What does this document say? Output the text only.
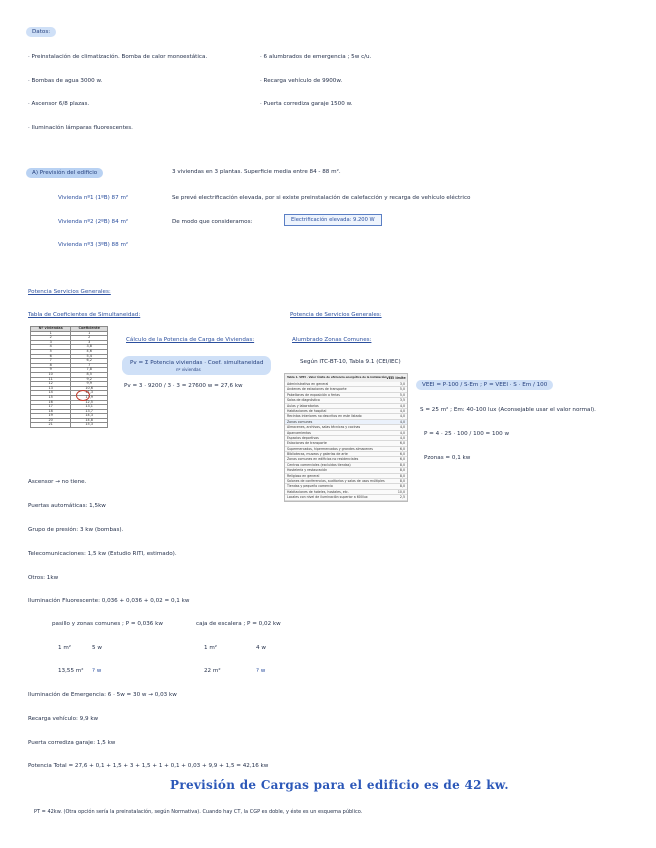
Datos:
· Preinstalación de climatización. Bomba de calor monoestática.
· Bombas de agua 3000 w.
· Ascensor 6/8 plazas.
· Iluminación lámparas fluorescentes.
· 6 alumbrados de emergencia ; 5w c/u.
· Recarga vehículo de 9900w.
· Puerta corrediza garaje 1500 w.
A) Previsión del edificio
Vivienda nº1 (1ºB) 87 m²
Vivienda nº2 (2ºB) 84 m²
Vivienda nº3 (3ºB) 88 m²
3 viviendas en 3 plantas. Superficie media entre 84 - 88 m².
Se prevé electrificación elevada, por si existe preinstalación de calefacción y recarga de vehículo eléctrico
De modo que consideramos:	Electrificación elevada: 9.200 W
Potencia Servicios Generales:
Tabla de Coeficientes de Simultaneidad:	Potencia de Servicios Generales:
Nº viviendas	Coeficiente
1	1
2	2
3	3
4	3,8
5	4,6
6	5,4
7	6,2
8	7
9	7,8
10	8,5
11	9,2
12	9,9
13	10,6
14	11,3
15	11,9
16	12,5
17	13,1
18	13,7
19	14,3
20	14,8
21	15,3
Cálculo de la Potencia de Carga de Viviendas:
Pv = Σ Potencia viviendas · Coef. simultaneidad
nº viviendas
Pv = 3 · 9200 / 3 · 3 = 27600 w = 27,6 kw
Alumbrado Zonas Comunes:
Según ITC-BT-10, Tabla 9.1 (CEI/IEC)
Tabla 1. VEEI · Valor límite de eficiencia energética de la instalación VEEI límite
Administrativo en general	3,0
Andenes de estaciones de transporte	5,0
Pabellones de exposición o ferias	5,0
Salas de diagnóstico	3,5
Aulas y laboratorios	4,0
Habitaciones de hospital	4,0
Recintos interiores no descritos en este listado	4,0
Zonas comunes	4,0
Almacenes, archivos, salas técnicas y cocinas	4,0
Aparcamientos	4,0
Espacios deportivos	4,0
Estaciones de transporte	6,0
Supermercados, hipermercados y grandes almacenes	6,0
Bibliotecas, museos y galerías de arte	6,0
Zonas comunes en edificios no residenciales	6,0
Centros comerciales (excluidas tiendas)	8,0
Hostelería y restauración	8,0
Religioso en general	8,0
Salones de conferencias, auditorios y salas de usos múltiples	8,0
Tiendas y pequeño comercio	8,0
Habitaciones de hoteles, hostales, etc.	10,0
Locales con nivel de iluminación superior a 600lux	2,5
VEEI = P·100 / S·Em ; P = VEEI · S · Em / 100
S = 25 m² ; Em: 40-100 lux (Aconsejable usar el valor normal).
P = 4 · 25 · 100 / 100 = 100 w
Pzonas = 0,1 kw
Ascensor → no tiene.
Puertas automáticas: 1,5kw
Grupo de presión: 3 kw (bombas).
Telecomunicaciones: 1,5 kw (Estudio RITI, estimado).
Otros: 1kw
Iluminación Fluorescente: 0,036 + 0,036 + 0,02 = 0,1 kw
pasillo y zonas comunes ; P = 0,036 kw	caja de escalera ; P = 0,02 kw
1 m²	5 w	1 m²	4 w
13,55 m² ? w	22 m²	? w
Iluminación de Emergencia: 6 · 5w = 30 w → 0,03 kw
Recarga vehículo: 9,9 kw
Puerta corrediza garaje: 1,5 kw
Potencia Total = 27,6 + 0,1 + 1,5 + 3 + 1,5 + 1 + 0,1 + 0,03 + 9,9 + 1,5 = 42,16 kw
Previsión de Cargas para el edificio es de 42 kw.
PT = 42kw. (Otra opción sería la preinstalación, según Normativa). Cuando hay CT, la CGP es doble, y éste es un esquema público.
